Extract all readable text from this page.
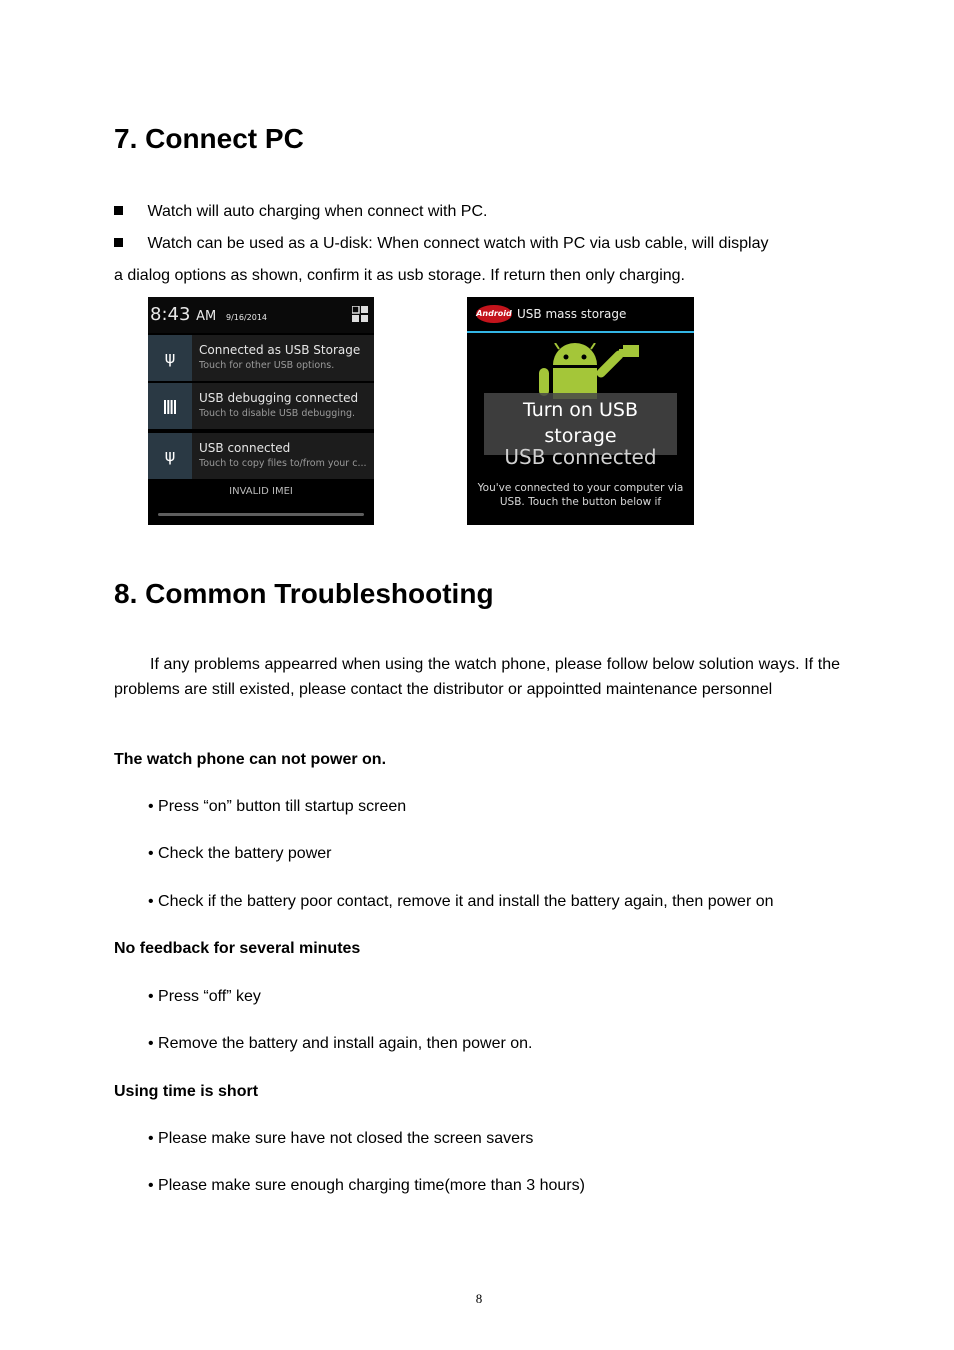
7. Connect PC
Watch will auto charging when connect with PC.
Watch can be used as a U-disk: When connect watch with PC via usb cable, will display
a dialog options as shown, confirm it as usb storage. If return then only charging.
8:43 AM 9/16/2014
ψ	Connected as USB Storage
Touch for other USB options.
USB debugging connected
Touch to disable USB debugging.
ψ	USB connected
Touch to copy files to/from your c...
INVALID IMEI
Android USB mass storage
Turn on USB storage
USB connected
You've connected to your computer via USB. Touch the button below if
8. Common Troubleshooting
If any problems appearred when using the watch phone, please follow below solution ways. If the problems are still existed, please contact the distributor or appointted maintenance personnel
The watch phone can not power on.
• Press “on” button till startup screen
• Check the battery power
• Check if the battery poor contact, remove it and install the battery again, then power on
No feedback for several minutes
• Press “off” key
• Remove the battery and install again, then power on.
Using time is short
• Please make sure have not closed the screen savers
• Please make sure enough charging time(more than 3 hours)
8
